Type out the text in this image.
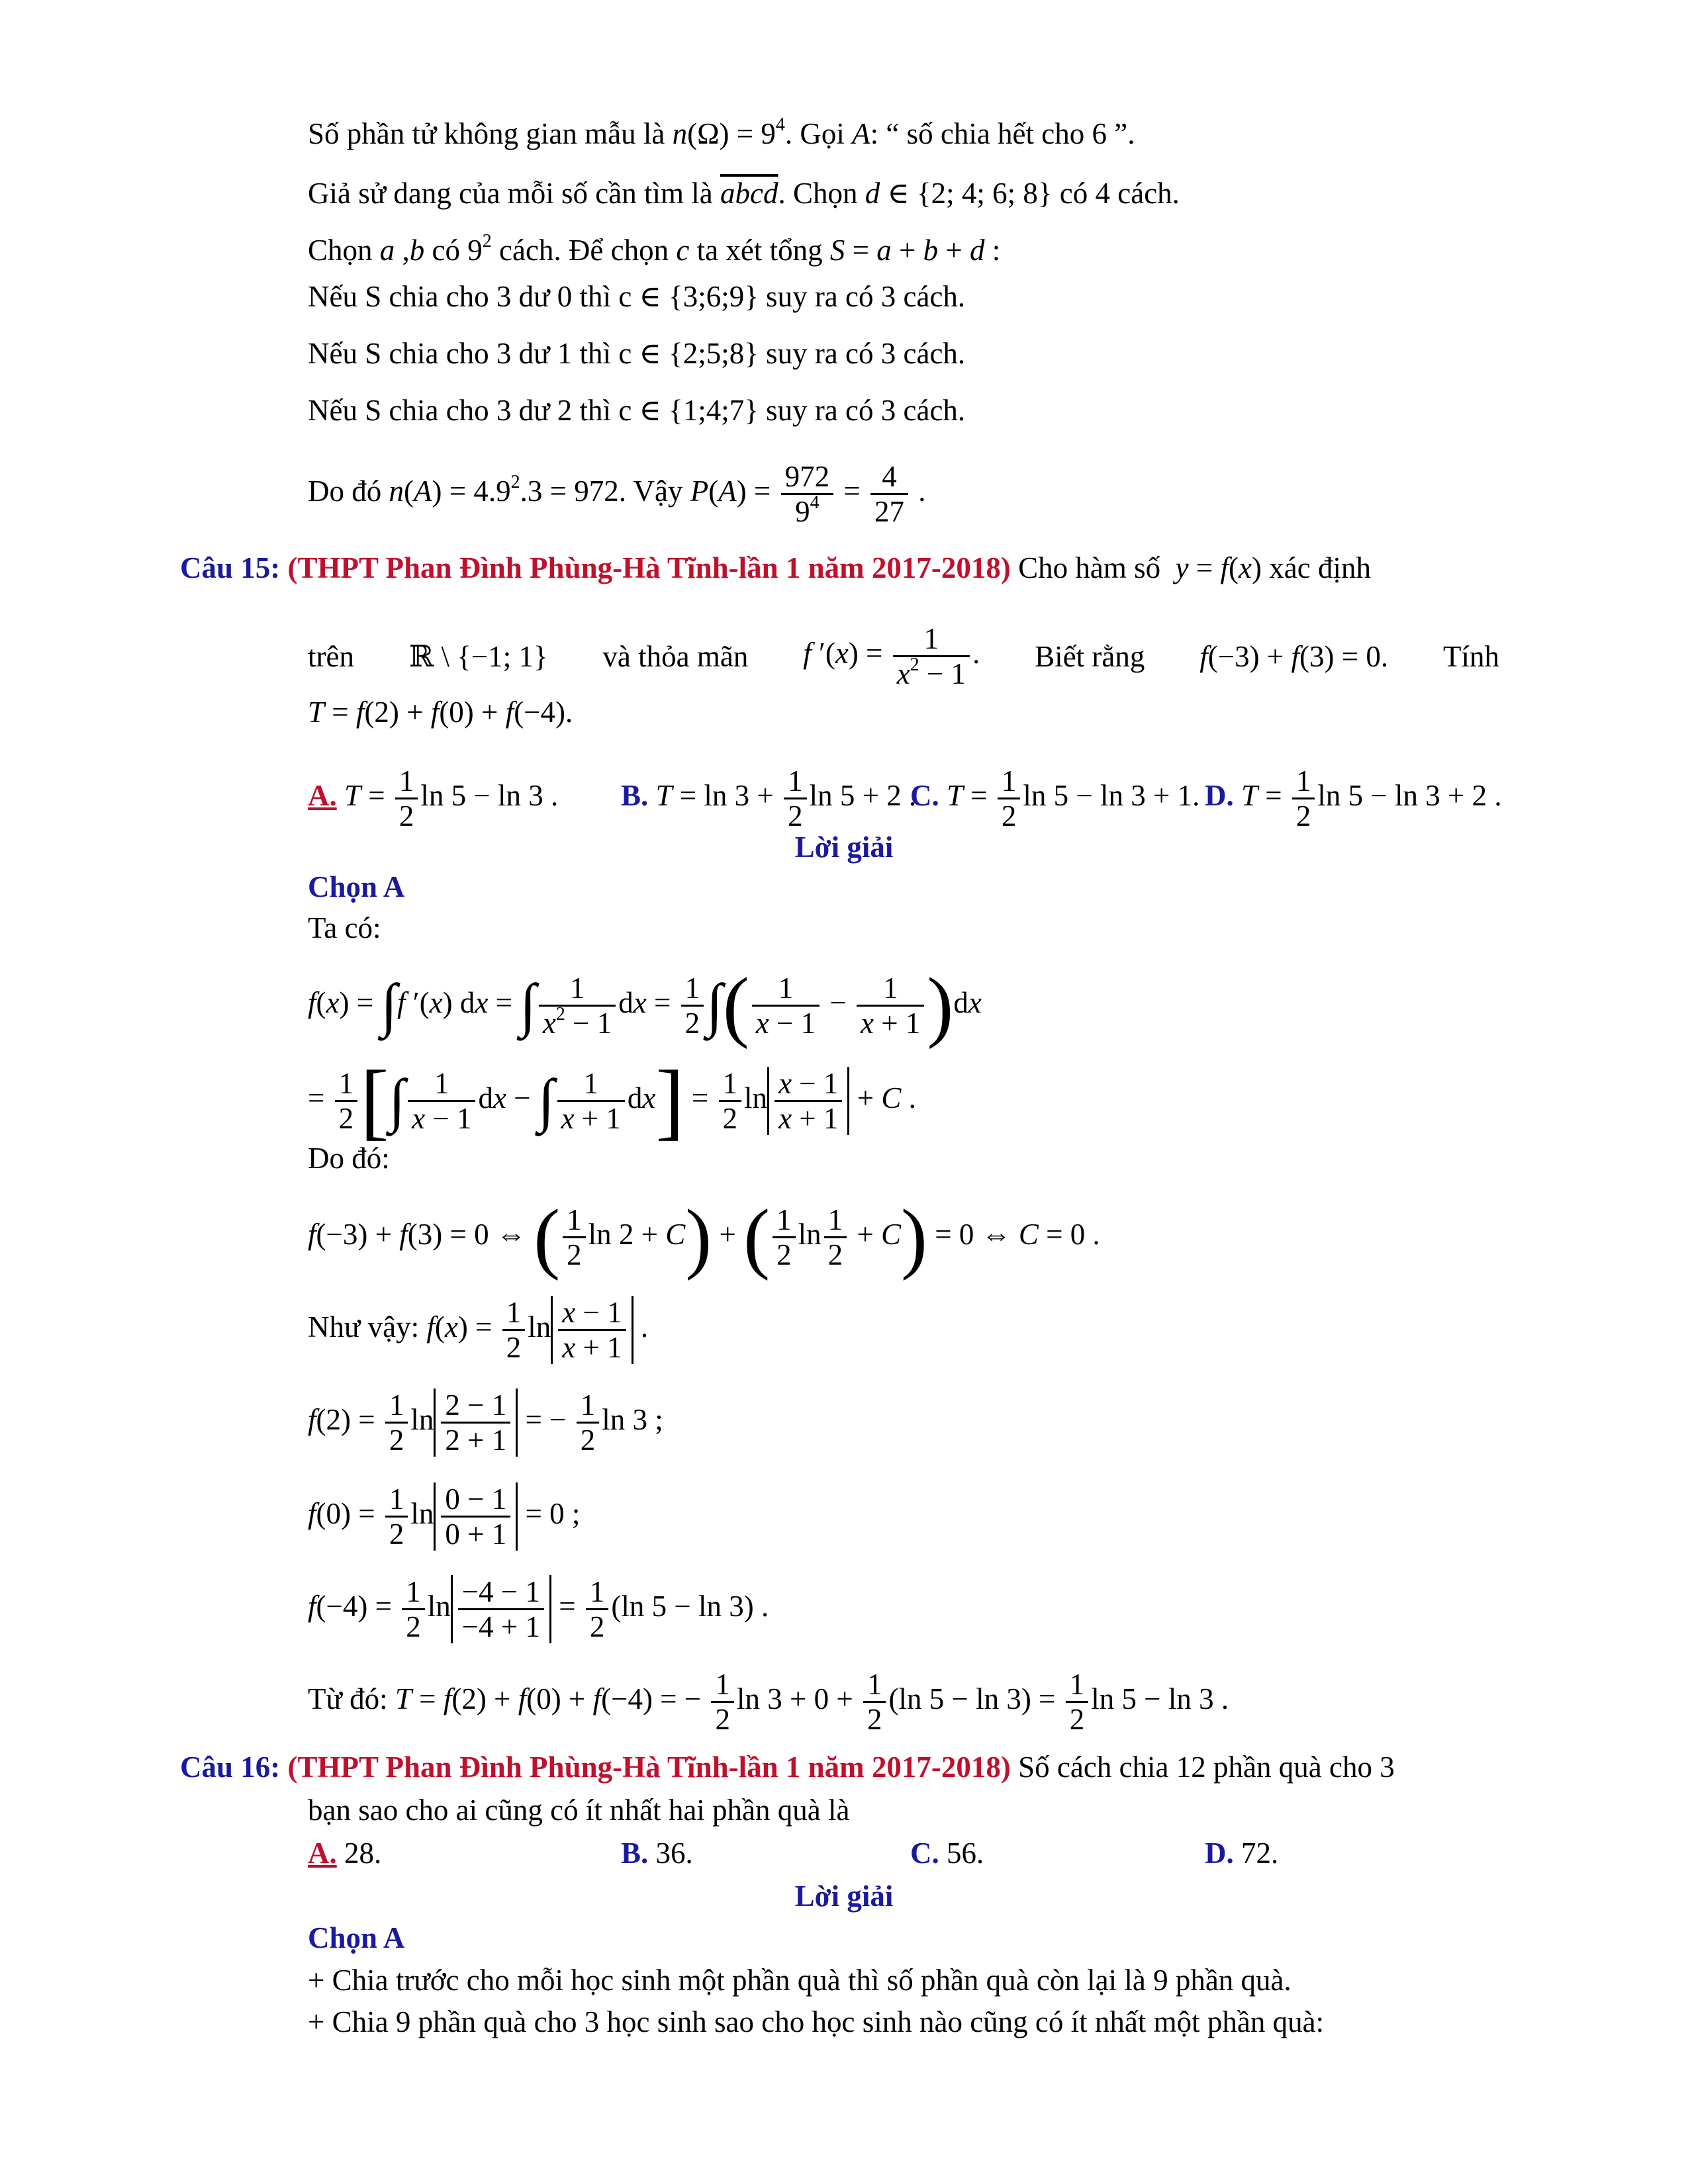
Số phần tử không gian mẫu là $n(\Omega) = 9^4$. Gọi A: “ số chia hết cho 6 ”.
Giả sử dang của mỗi số cần tìm là abcd. Chọn d ∈ {2; 4; 6; 8} có 4 cách.
Chọn a ,b có $9^2$ cách. Để chọn c ta xét tổng S = a + b + d :
Nếu S chia cho 3 dư 0 thì c ∈ {3;6;9} suy ra có 3 cách.
Nếu S chia cho 3 dư 1 thì c ∈ {2;5;8} suy ra có 3 cách.
Nếu S chia cho 3 dư 2 thì c ∈ {1;4;7} suy ra có 3 cách.
Do đó $n(A) = 4.9^2.3 = 972$. Vậy $P(A) = \frac{972}{9^4} = \frac{4}{27}$ .
Câu 15: (THPT Phan Đình Phùng-Hà Tĩnh-lần 1 năm 2017-2018) Cho hàm số  y = f(x) xác định
trên ℝ \ {−1; 1} và thỏa mãn f $'(x) = \frac{1}{x^2 - 1}$ . Biết rằng f(−3) + f(3) = 0. Tính
T = f(2) + f(0) + f(−4).
A. $T = \frac{1}{2}$ ln 5 − ln 3 . B. $T = \ln 3 + \frac{1}{2}$ ln 5 + 2 .
C. $T = \frac{1}{2}$ ln 5 − ln 3 + 1. D. $T = \frac{1}{2}$ ln 5 − ln 3 + 2 .
Lời giải
Chọn A
Ta có:
f(x) = ∫f ′(x) dx = ∫ $\frac{1}{x^2 - 1}$ dx = $\frac{1}{2}$ ∫( $\frac{1}{x - 1} - \frac{1}{x + 1} )dx$
= $\frac{1}{2}$ [∫ $\frac{1}{x - 1}$ dx − ∫ $\frac{1}{x + 1} dx] = \frac{1}{2}$ $\ln \frac{x - 1}{x + 1} + C$ .
Do đó:
f(−3) + f(3) = 0 ⇔ ( $\frac{1}{2}$ ln 2 + C) + ( $\frac{1}{2}$ $\ln \frac{1}{2} + C) = 0$ ⇔ C = 0 .
Như vậy: $f(x) = \frac{1}{2}$ $\ln \frac{x - 1}{x + 1}$ .
$f(2) = \frac{1}{2}$ $\ln \frac{2 - 1}{2 + 1}$ = − $\frac{1}{2}$ ln 3 ;
$f(0) = \frac{1}{2}$ $\ln \frac{0 - 1}{0 + 1} = 0$ ;
$f(-4) = \frac{1}{2}$ $\ln \frac{-4 - 1}{-4 + 1} = \frac{1}{2} (\ln$ 5 − ln 3) .
Từ đó: T = f(2) + f(0) + f(−4) = − $\frac{1}{2}$ $\ln 3 + 0 + \frac{1}{2} (\ln$ $5 - \ln 3) = \frac{1}{2}$ ln 5 − ln 3 .
Câu 16: (THPT Phan Đình Phùng-Hà Tĩnh-lần 1 năm 2017-2018) Số cách chia 12 phần quà cho 3
bạn sao cho ai cũng có ít nhất hai phần quà là
A. 28.	B. 36.	C. 56.	D. 72.
Lời giải
Chọn A
+ Chia trước cho mỗi học sinh một phần quà thì số phần quà còn lại là 9 phần quà.
+ Chia 9 phần quà cho 3 học sinh sao cho học sinh nào cũng có ít nhất một phần quà:
